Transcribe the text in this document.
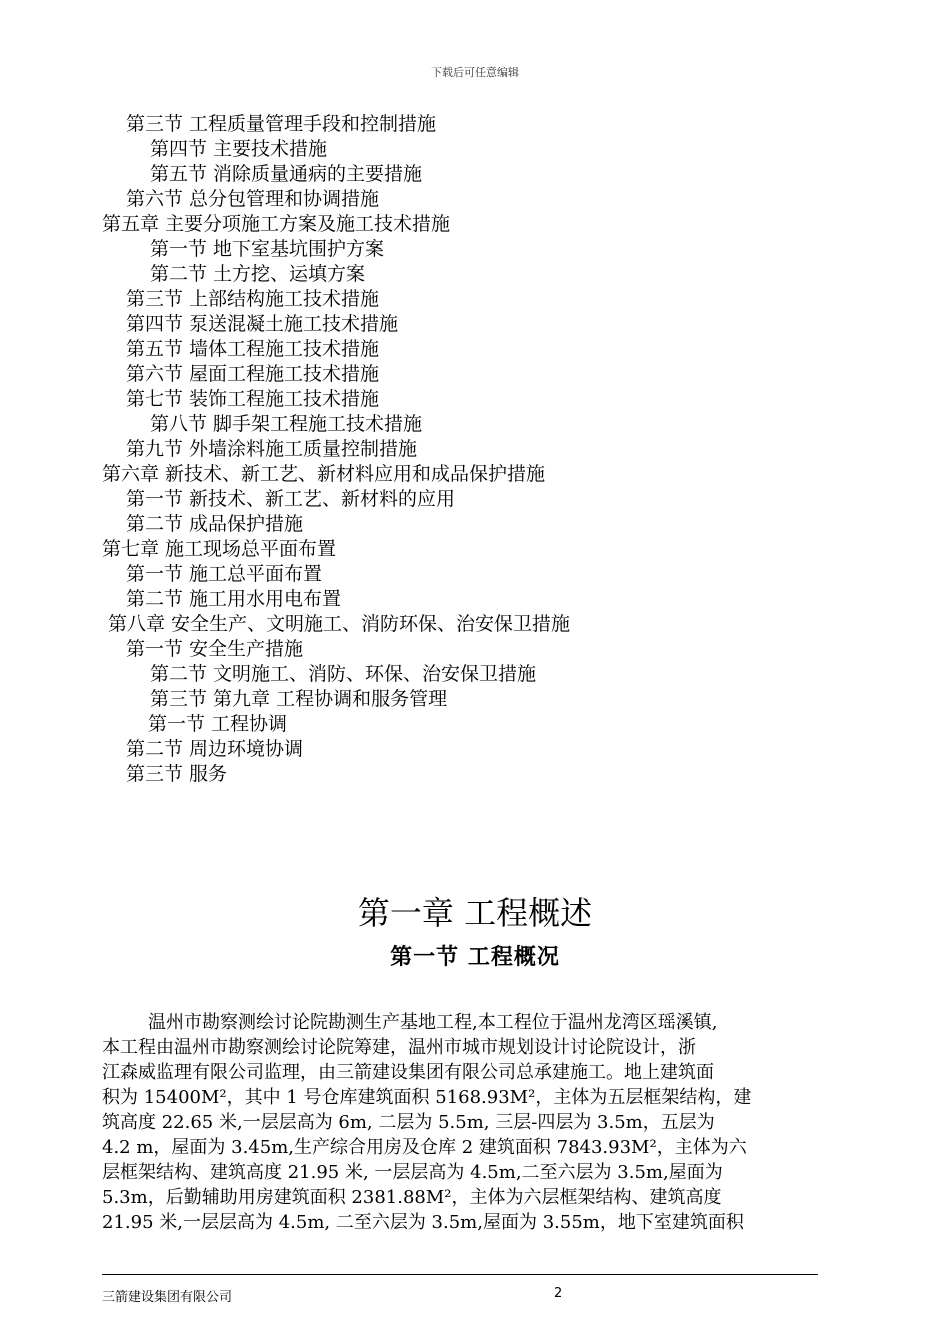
下载后可任意编辑
第三节 工程质量管理手段和控制措施
第四节 主要技术措施
第五节 消除质量通病的主要措施
第六节 总分包管理和协调措施
第五章 主要分项施工方案及施工技术措施
第一节 地下室基坑围护方案
第二节 土方挖、运填方案
第三节 上部结构施工技术措施
第四节 泵送混凝土施工技术措施
第五节 墙体工程施工技术措施
第六节 屋面工程施工技术措施
第七节 装饰工程施工技术措施
第八节 脚手架工程施工技术措施
第九节 外墙涂料施工质量控制措施
第六章 新技术、新工艺、新材料应用和成品保护措施
第一节 新技术、新工艺、新材料的应用
第二节 成品保护措施
第七章 施工现场总平面布置
第一节 施工总平面布置
第二节 施工用水用电布置
第八章 安全生产、文明施工、消防环保、治安保卫措施
第一节 安全生产措施
第二节 文明施工、消防、环保、治安保卫措施
第三节 第九章 工程协调和服务管理
第一节 工程协调
第二节 周边环境协调
第三节 服务
第一章 工程概述
第一节 工程概况
温州市勘察测绘讨论院勘测生产基地工程,本工程位于温州龙湾区瑶溪镇,
本工程由温州市勘察测绘讨论院筹建，温州市城市规划设计讨论院设计，浙
江森威监理有限公司监理，由三箭建设集团有限公司总承建施工。地上建筑面
积为 15400M²，其中 1 号仓库建筑面积 5168.93M²，主体为五层框架结构，建
筑高度 22.65 米,一层层高为 6m, 二层为 5.5m, 三层-四层为 3.5m，五层为
4.2 m，屋面为 3.45m,生产综合用房及仓库 2 建筑面积 7843.93M²，主体为六
层框架结构、建筑高度 21.95 米, 一层层高为 4.5m,二至六层为 3.5m,屋面为
5.3m，后勤辅助用房建筑面积 2381.88M²，主体为六层框架结构、建筑高度
21.95 米,一层层高为 4.5m, 二至六层为 3.5m,屋面为 3.55m，地下室建筑面积
三箭建设集团有限公司	2
